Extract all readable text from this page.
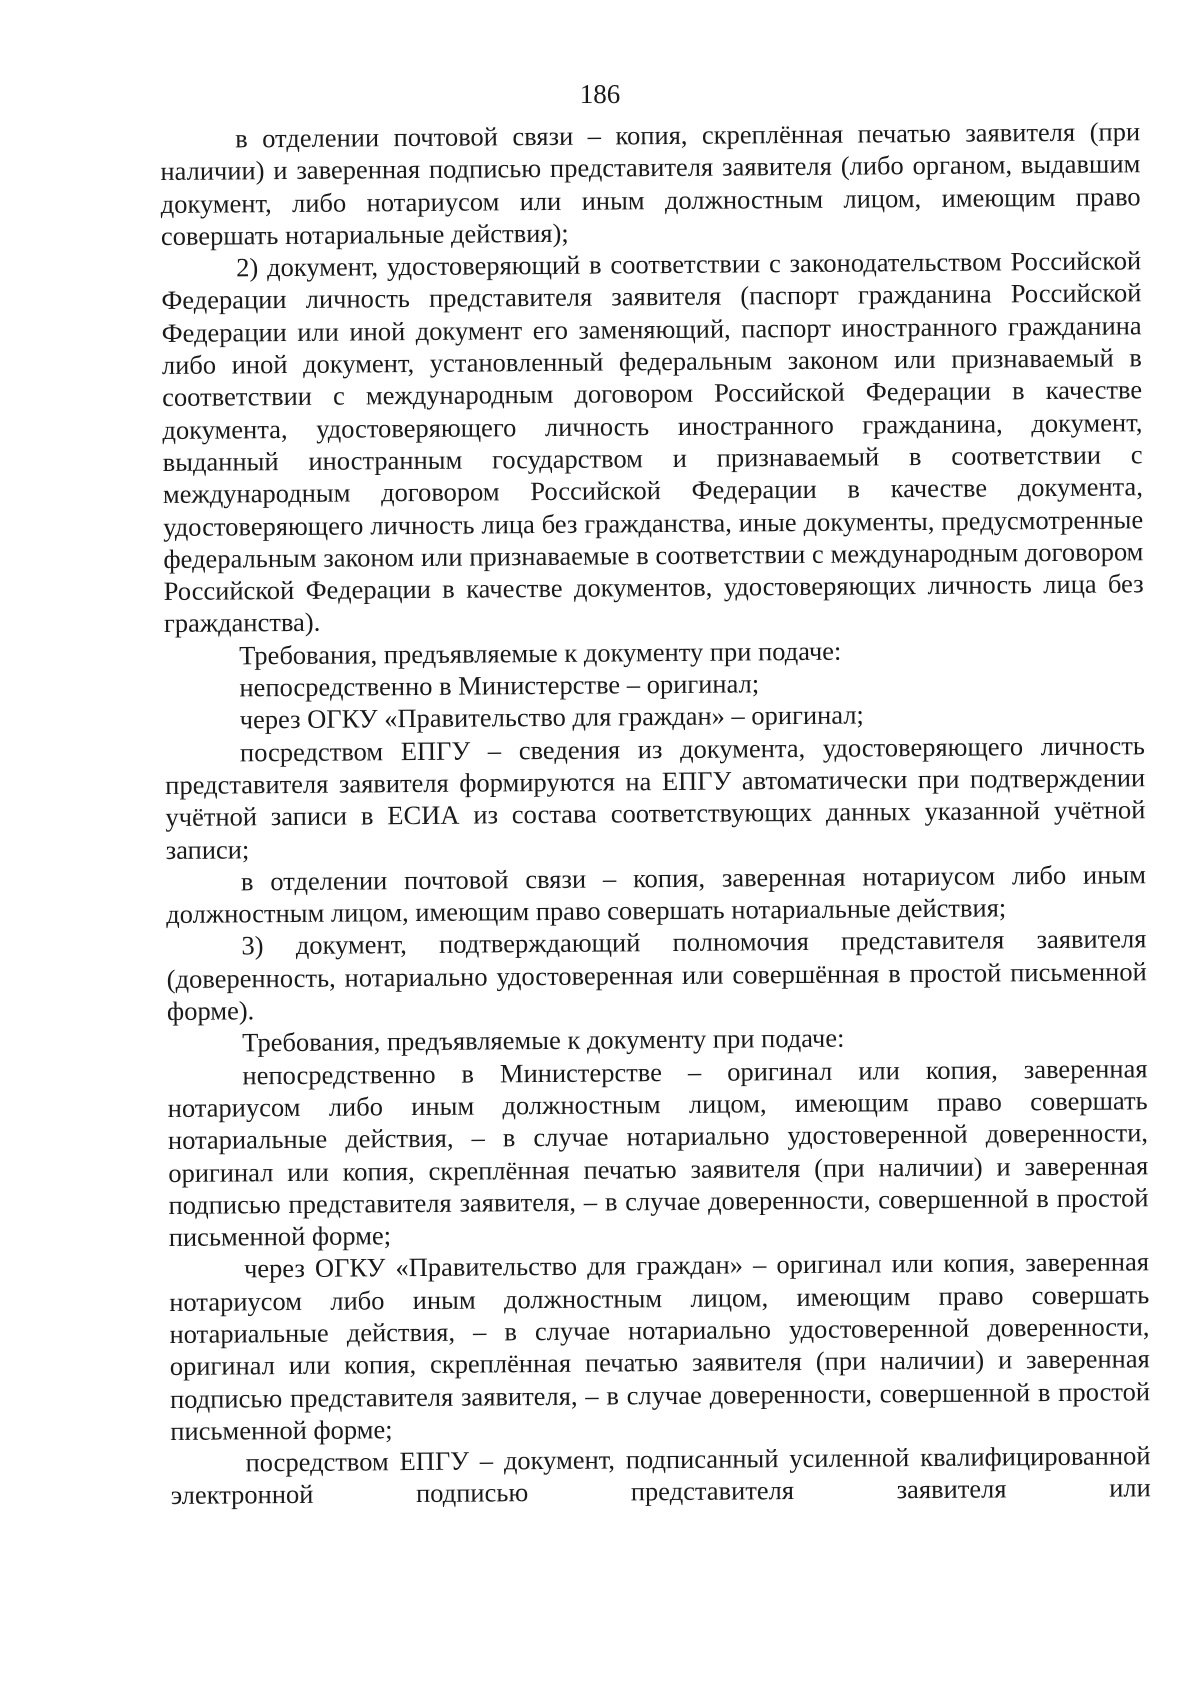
186

в отделении почтовой связи – копия, скреплённая печатью заявителя (при наличии) и заверенная подписью представителя заявителя (либо органом, выдавшим документ, либо нотариусом или иным должностным лицом, имеющим право совершать нотариальные действия);

2) документ, удостоверяющий в соответствии с законодательством Российской Федерации личность представителя заявителя (паспорт гражданина Российской Федерации или иной документ его заменяющий, паспорт иностранного гражданина либо иной документ, установленный федеральным законом или признаваемый в соответствии с международным договором Российской Федерации в качестве документа, удостоверяющего личность иностранного гражданина, документ, выданный иностранным государством и признаваемый в соответствии с международным договором Российской Федерации в качестве документа, удостоверяющего личность лица без гражданства, иные документы, предусмотренные федеральным законом или признаваемые в соответствии с международным договором Российской Федерации в качестве документов, удостоверяющих личность лица без гражданства).

Требования, предъявляемые к документу при подаче:

непосредственно в Министерстве – оригинал;

через ОГКУ «Правительство для граждан» – оригинал;

посредством ЕПГУ – сведения из документа, удостоверяющего личность представителя заявителя формируются на ЕПГУ автоматически при подтверждении учётной записи в ЕСИА из состава соответствующих данных указанной учётной записи;

в отделении почтовой связи – копия, заверенная нотариусом либо иным должностным лицом, имеющим право совершать нотариальные действия;

3) документ, подтверждающий полномочия представителя заявителя (доверенность, нотариально удостоверенная или совершённая в простой письменной форме).

Требования, предъявляемые к документу при подаче:

непосредственно в Министерстве – оригинал или копия, заверенная нотариусом либо иным должностным лицом, имеющим право совершать нотариальные действия, – в случае нотариально удостоверенной доверенности, оригинал или копия, скреплённая печатью заявителя (при наличии) и заверенная подписью представителя заявителя, – в случае доверенности, совершенной в простой письменной форме;

через ОГКУ «Правительство для граждан» – оригинал или копия, заверенная нотариусом либо иным должностным лицом, имеющим право совершать нотариальные действия, – в случае нотариально удостоверенной доверенности, оригинал или копия, скреплённая печатью заявителя (при наличии) и заверенная подписью представителя заявителя, – в случае доверенности, совершенной в простой письменной форме;

посредством ЕПГУ – документ, подписанный усиленной квалифицированной электронной подписью представителя заявителя или
